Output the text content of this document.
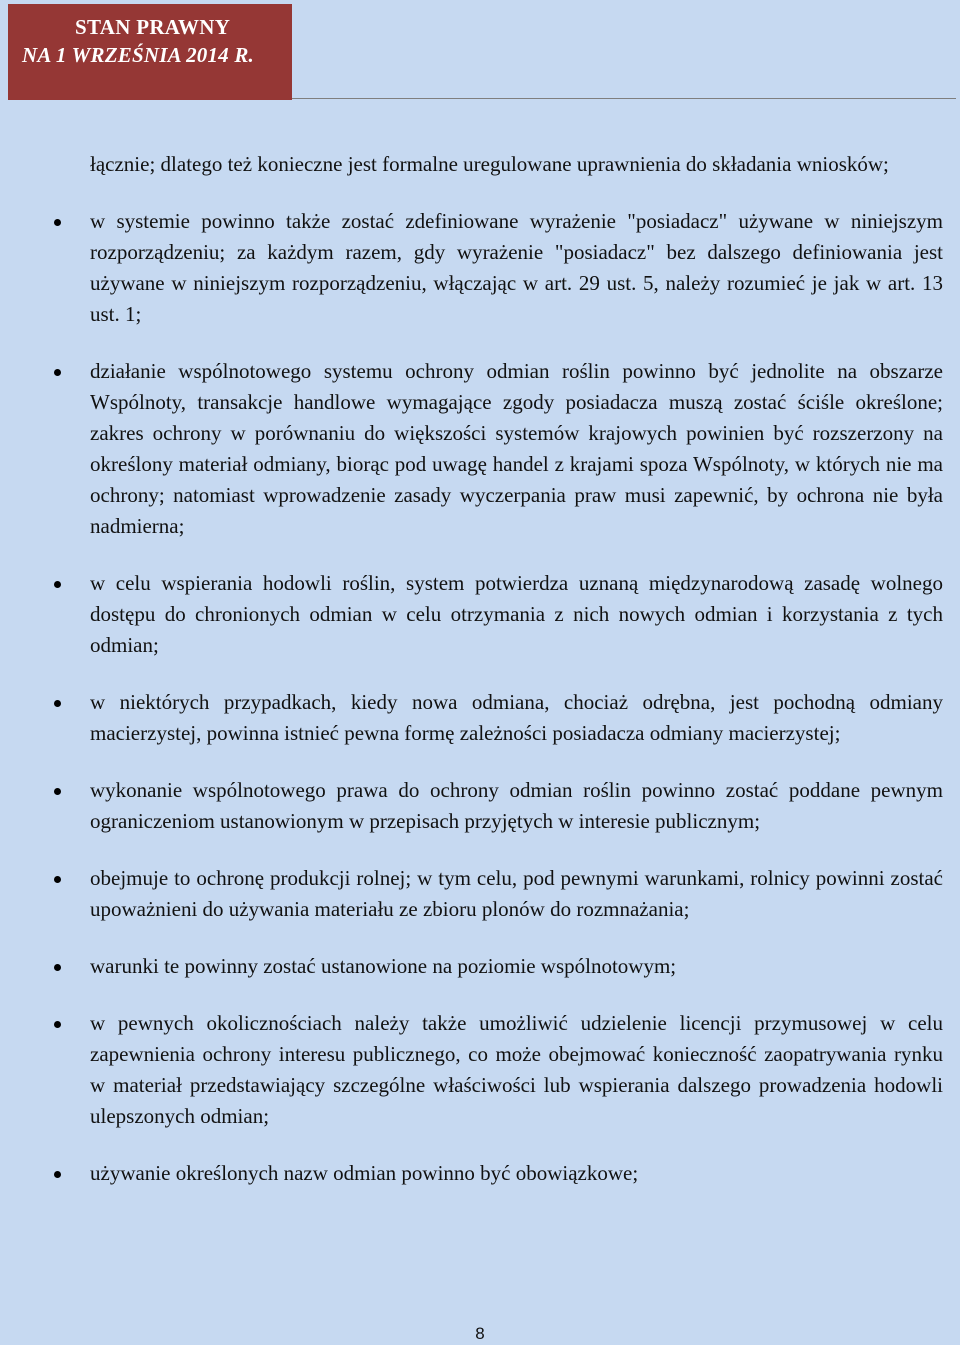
STAN PRAWNY
NA 1 WRZEŚNIA 2014 R.

łącznie; dlatego też konieczne jest formalne uregulowane uprawnienia do składania wniosków;

w systemie powinno także zostać zdefiniowane wyrażenie "posiadacz" używane w niniejszym rozporządzeniu; za każdym razem, gdy wyrażenie "posiadacz" bez dalszego definiowania jest używane w niniejszym rozporządzeniu, włączając w art. 29 ust. 5, należy rozumieć je jak w art. 13 ust. 1;

działanie wspólnotowego systemu ochrony odmian roślin powinno być jednolite na obszarze Wspólnoty, transakcje handlowe wymagające zgody posiadacza muszą zostać ściśle określone; zakres ochrony w porównaniu do większości systemów krajowych powinien być rozszerzony na określony materiał odmiany, biorąc pod uwagę handel z krajami spoza Wspólnoty, w których nie ma ochrony; natomiast wprowadzenie zasady wyczerpania praw musi zapewnić, by ochrona nie była nadmierna;

w celu wspierania hodowli roślin, system potwierdza uznaną międzynarodową zasadę wolnego dostępu do chronionych odmian w celu otrzymania z nich nowych odmian i korzystania z tych odmian;

w niektórych przypadkach, kiedy nowa odmiana, chociaż odrębna, jest pochodną odmiany macierzystej, powinna istnieć pewna formę zależności posiadacza odmiany macierzystej;

wykonanie wspólnotowego prawa do ochrony odmian roślin powinno zostać poddane pewnym ograniczeniom ustanowionym w przepisach przyjętych w interesie publicznym;

obejmuje to ochronę produkcji rolnej; w tym celu, pod pewnymi warunkami, rolnicy powinni zostać upoważnieni do używania materiału ze zbioru plonów do rozmnażania;

warunki te powinny zostać ustanowione na poziomie wspólnotowym;

w pewnych okolicznościach należy także umożliwić udzielenie licencji przymusowej w celu zapewnienia ochrony interesu publicznego, co może obejmować konieczność zaopatrywania rynku w materiał przedstawiający szczególne właściwości lub wspierania dalszego prowadzenia hodowli ulepszonych odmian;

używanie określonych nazw odmian powinno być obowiązkowe;

8
